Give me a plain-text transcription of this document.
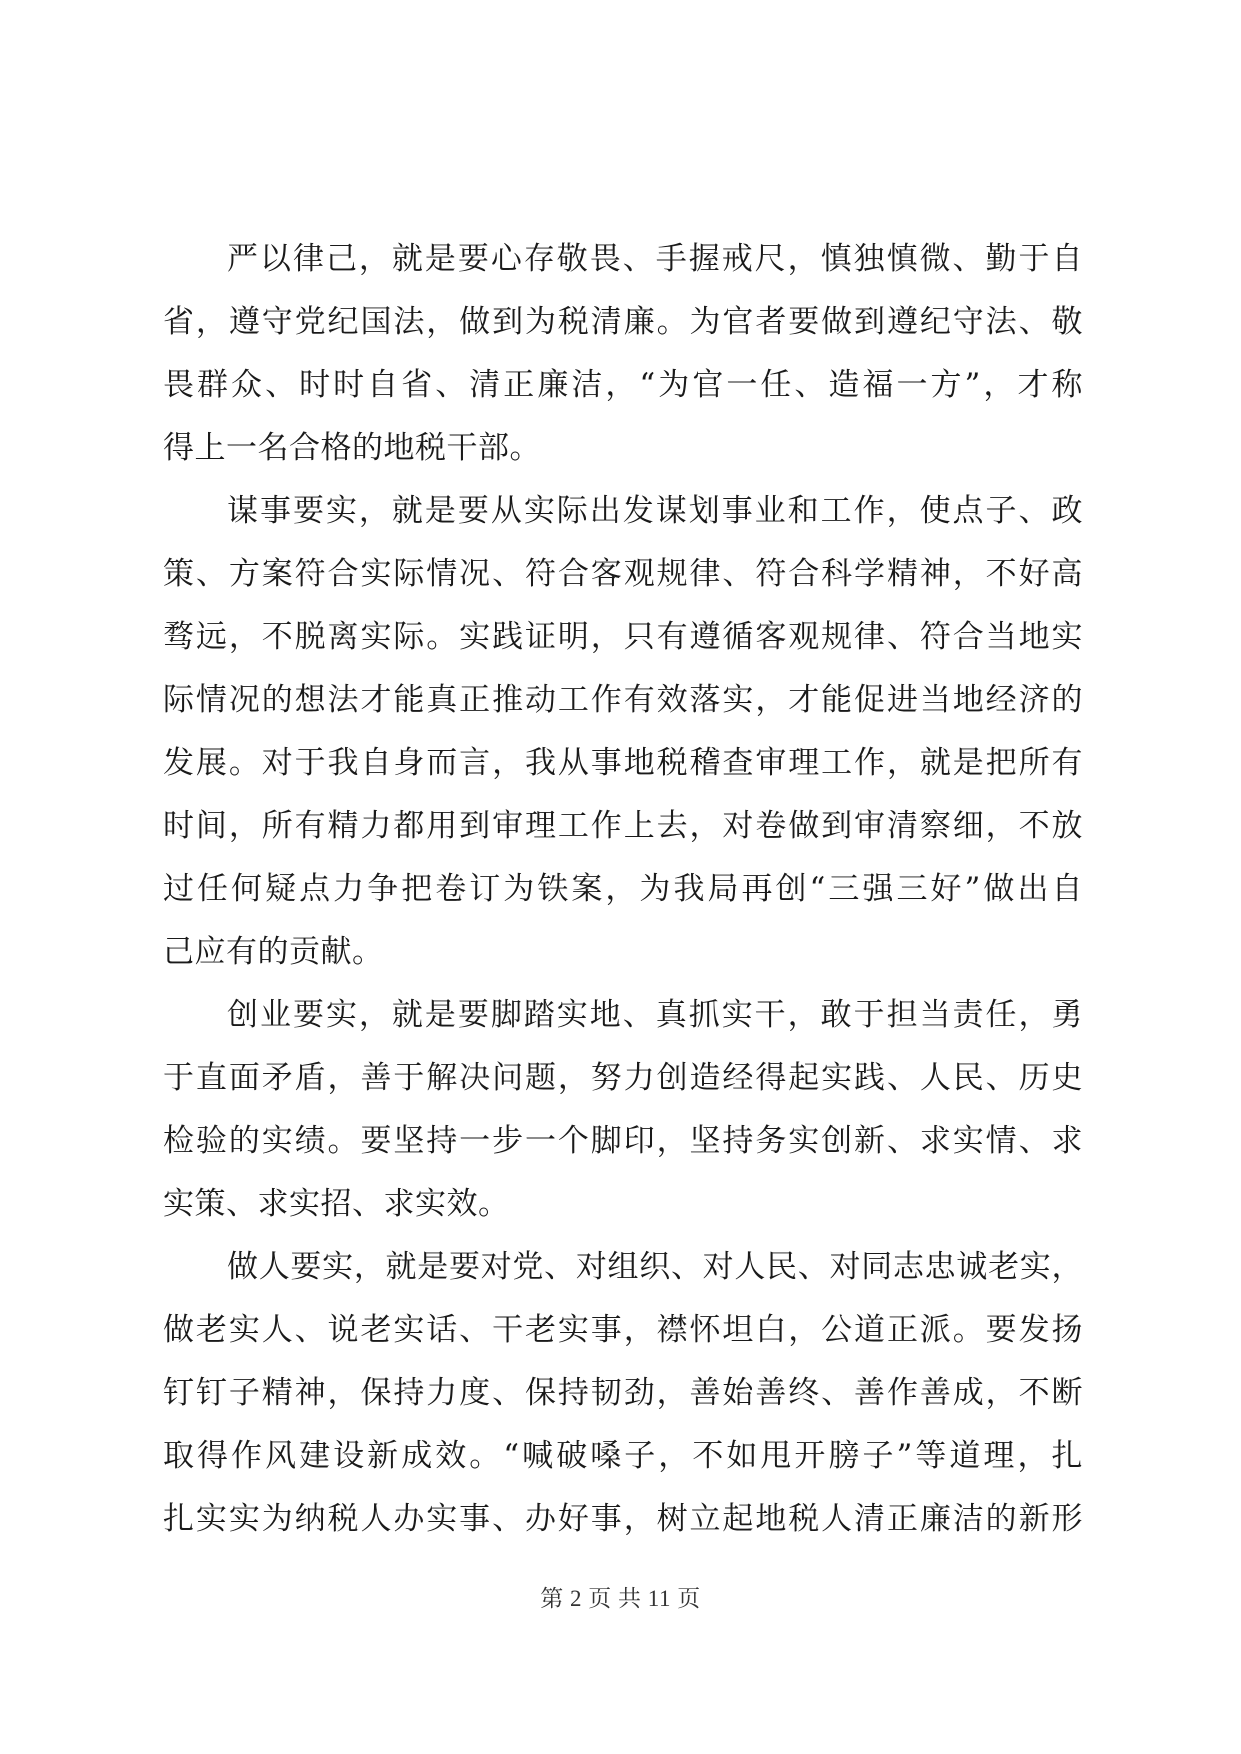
严以律己，就是要心存敬畏、手握戒尺，慎独慎微、勤于自
省，遵守党纪国法，做到为税清廉。为官者要做到遵纪守法、敬
畏群众、时时自省、清正廉洁，“为官一任、造福一方”，才称
得上一名合格的地税干部。
谋事要实，就是要从实际出发谋划事业和工作，使点子、政
策、方案符合实际情况、符合客观规律、符合科学精神，不好高
骛远，不脱离实际。实践证明，只有遵循客观规律、符合当地实
际情况的想法才能真正推动工作有效落实，才能促进当地经济的
发展。对于我自身而言，我从事地税稽查审理工作，就是把所有
时间，所有精力都用到审理工作上去，对卷做到审清察细，不放
过任何疑点力争把卷订为铁案，为我局再创“三强三好”做出自
己应有的贡献。
创业要实，就是要脚踏实地、真抓实干，敢于担当责任，勇
于直面矛盾，善于解决问题，努力创造经得起实践、人民、历史
检验的实绩。要坚持一步一个脚印，坚持务实创新、求实情、求
实策、求实招、求实效。
做人要实，就是要对党、对组织、对人民、对同志忠诚老实，
做老实人、说老实话、干老实事，襟怀坦白，公道正派。要发扬
钉钉子精神，保持力度、保持韧劲，善始善终、善作善成，不断
取得作风建设新成效。“喊破嗓子，不如甩开膀子”等道理，扎
扎实实为纳税人办实事、办好事，树立起地税人清正廉洁的新形
第 2 页 共 11 页
